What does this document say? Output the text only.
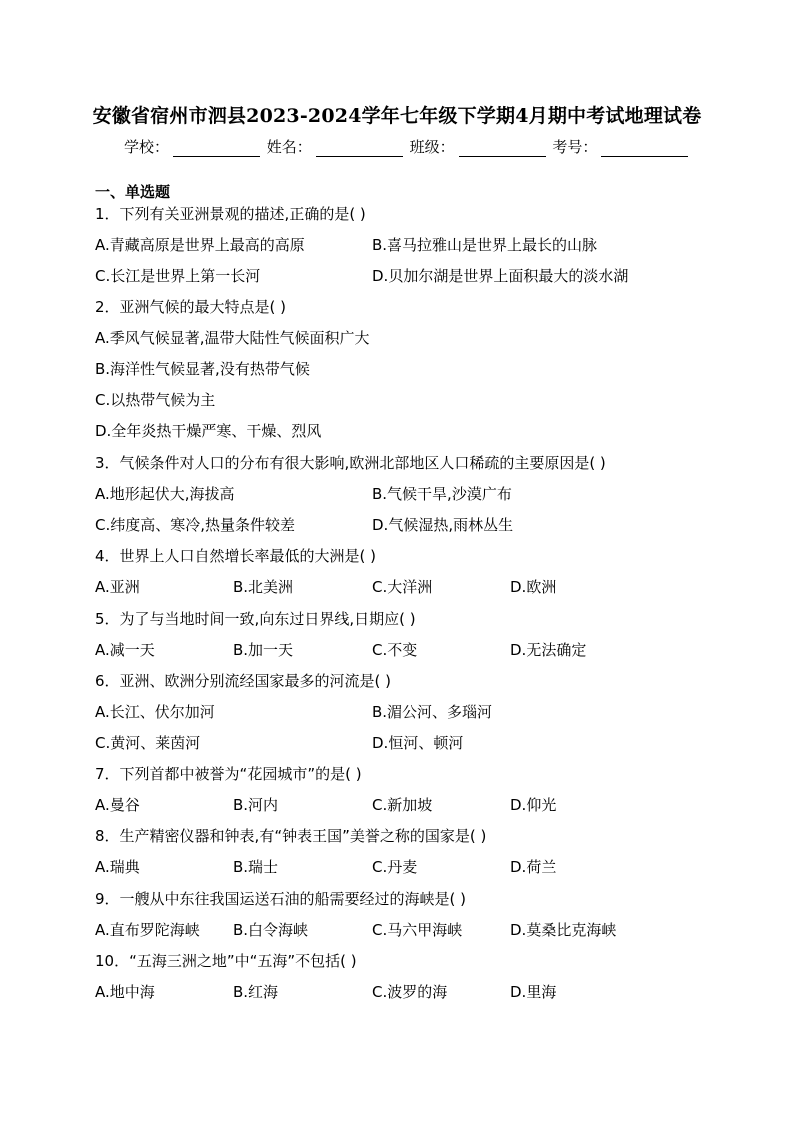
安徽省宿州市泗县2023-2024学年七年级下学期4月期中考试地理试卷
学校：	姓名：	班级：	考号：
一、单选题
1．下列有关亚洲景观的描述,正确的是( )
A.青藏高原是世界上最高的高原	B.喜马拉雅山是世界上最长的山脉
C.长江是世界上第一长河	D.贝加尔湖是世界上面积最大的淡水湖
2．亚洲气候的最大特点是( )
A.季风气候显著,温带大陆性气候面积广大
B.海洋性气候显著,没有热带气候
C.以热带气候为主
D.全年炎热干燥严寒、干燥、烈风
3．气候条件对人口的分布有很大影响,欧洲北部地区人口稀疏的主要原因是( )
A.地形起伏大,海拔高	B.气候干旱,沙漠广布
C.纬度高、寒冷,热量条件较差	D.气候湿热,雨林丛生
4．世界上人口自然增长率最低的大洲是( )
A.亚洲	B.北美洲	C.大洋洲	D.欧洲
5．为了与当地时间一致,向东过日界线,日期应( )
A.减一天	B.加一天	C.不变	D.无法确定
6．亚洲、欧洲分别流经国家最多的河流是( )
A.长江、伏尔加河	B.湄公河、多瑙河
C.黄河、莱茵河	D.恒河、顿河
7．下列首都中被誉为“花园城市”的是( )
A.曼谷	B.河内	C.新加坡	D.仰光
8．生产精密仪器和钟表,有“钟表王国”美誉之称的国家是( )
A.瑞典	B.瑞士	C.丹麦	D.荷兰
9．一艘从中东往我国运送石油的船需要经过的海峡是( )
A.直布罗陀海峡 B.白令海峡	C.马六甲海峡	D.莫桑比克海峡
10．“五海三洲之地”中“五海”不包括( )
A.地中海	B.红海	C.波罗的海	D.里海
